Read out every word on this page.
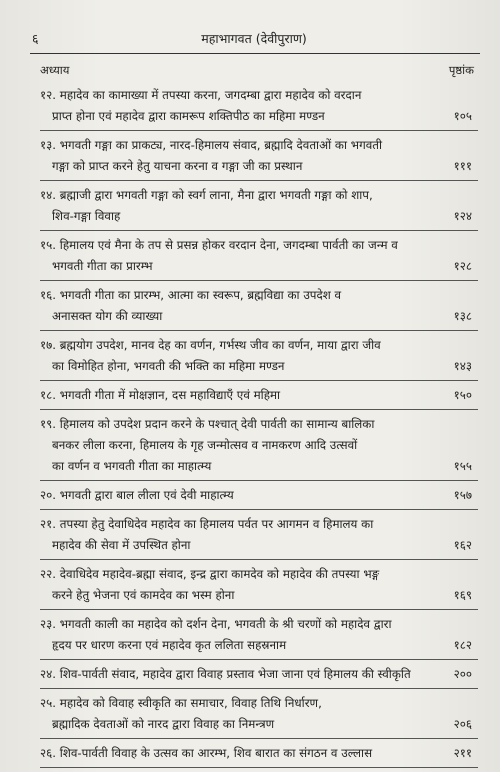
६	महाभागवत (देवीपुराण)
अध्याय	पृष्ठांक
१२. महादेव का कामाख्या में तपस्या करना, जगदम्बा द्वारा महादेव को वरदान
प्राप्त होना एवं महादेव द्वारा कामरूप शक्तिपीठ का महिमा मण्डन	१०५
१३. भगवती गङ्गा का प्राकट्य, नारद-हिमालय संवाद, ब्रह्मादि देवताओं का भगवती
गङ्गा को प्राप्त करने हेतु याचना करना व गङ्गा जी का प्रस्थान	१११
१४. ब्रह्माजी द्वारा भगवती गङ्गा को स्वर्ग लाना, मैना द्वारा भगवती गङ्गा को शाप,
शिव-गङ्गा विवाह	१२४
१५. हिमालय एवं मैना के तप से प्रसन्न होकर वरदान देना, जगदम्बा पार्वती का जन्म व
भगवती गीता का प्रारम्भ	१२८
१६. भगवती गीता का प्रारम्भ, आत्मा का स्वरूप, ब्रह्मविद्या का उपदेश व
अनासक्त योग की व्याख्या	१३८
१७. ब्रह्मयोग उपदेश, मानव देह का वर्णन, गर्भस्थ जीव का वर्णन, माया द्वारा जीव
का विमोहित होना, भगवती की भक्ति का महिमा मण्डन	१४३
१८. भगवती गीता में मोक्षज्ञान, दस महाविद्याएँ एवं महिमा	१५०
१९. हिमालय को उपदेश प्रदान करने के पश्चात् देवी पार्वती का सामान्य बालिका
बनकर लीला करना, हिमालय के गृह जन्मोत्सव व नामकरण आदि उत्सवों
का वर्णन व भगवती गीता का माहात्म्य	१५५
२०. भगवती द्वारा बाल लीला एवं देवी माहात्म्य	१५७
२१. तपस्या हेतु देवाधिदेव महादेव का हिमालय पर्वत पर आगमन व हिमालय का
महादेव की सेवा में उपस्थित होना	१६२
२२. देवाधिदेव महादेव-ब्रह्मा संवाद, इन्द्र द्वारा कामदेव को महादेव की तपस्या भङ्ग
करने हेतु भेजना एवं कामदेव का भस्म होना	१६९
२३. भगवती काली का महादेव को दर्शन देना, भगवती के श्री चरणों को महादेव द्वारा
हृदय पर धारण करना एवं महादेव कृत ललिता सहस्रनाम	१८२
२४. शिव-पार्वती संवाद, महादेव द्वारा विवाह प्रस्ताव भेजा जाना एवं हिमालय की स्वीकृति	२००
२५. महादेव को विवाह स्वीकृति का समाचार, विवाह तिथि निर्धारण,
ब्रह्मादिक देवताओं को नारद द्वारा विवाह का निमन्त्रण	२०६
२६. शिव-पार्वती विवाह के उत्सव का आरम्भ, शिव बारात का संगठन व उल्लास	२११
